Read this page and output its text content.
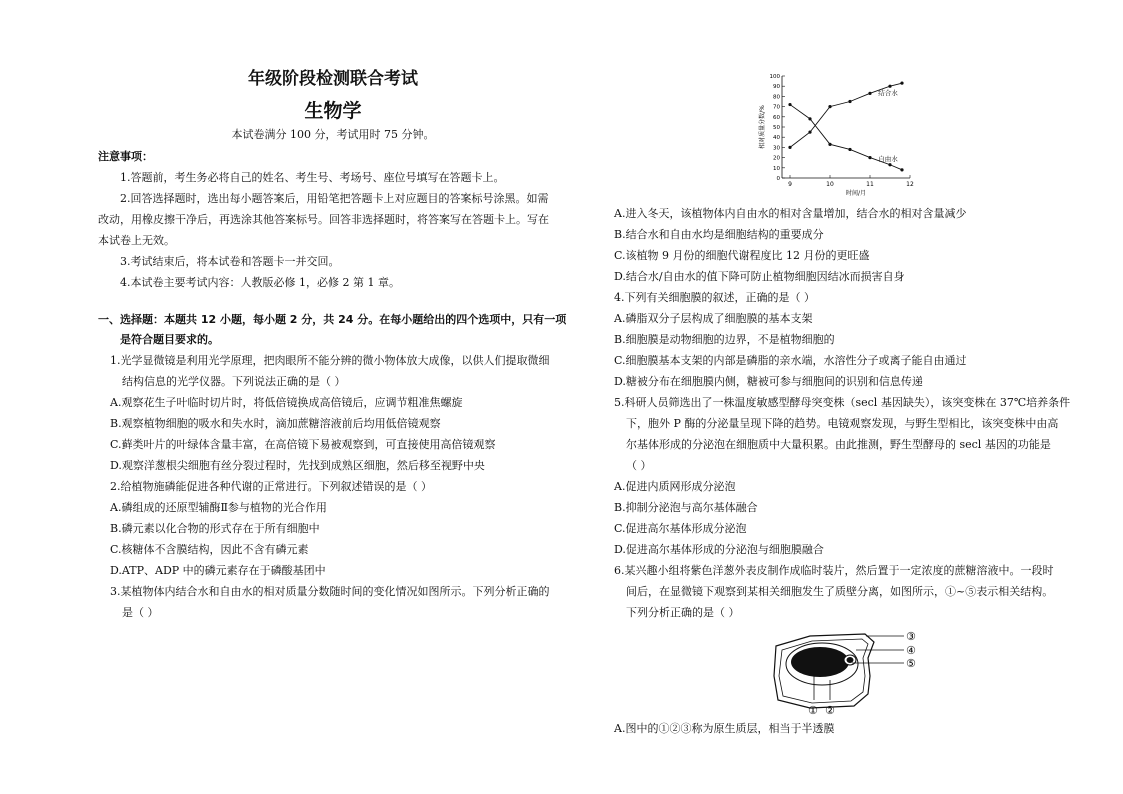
年级阶段检测联合考试
生物学
本试卷满分 100 分，考试用时 75 分钟。
注意事项：
1.答题前，考生务必将自己的姓名、考生号、考场号、座位号填写在答题卡上。
2.回答选择题时，选出每小题答案后，用铅笔把答题卡上对应题目的答案标号涂黑。如需
改动，用橡皮擦干净后，再选涂其他答案标号。回答非选择题时，将答案写在答题卡上。写在
本试卷上无效。
3.考试结束后，将本试卷和答题卡一并交回。
4.本试卷主要考试内容：人教版必修 1，必修 2 第 1 章。
一、选择题：本题共 12 小题，每小题 2 分，共 24 分。在每小题给出的四个选项中，只有一项
是符合题目要求的。
1.光学显微镜是利用光学原理，把肉眼所不能分辨的微小物体放大成像，以供人们提取微细
结构信息的光学仪器。下列说法正确的是（ ）
A.观察花生子叶临时切片时，将低倍镜换成高倍镜后，应调节粗准焦螺旋
B.观察植物细胞的吸水和失水时，滴加蔗糖溶液前后均用低倍镜观察
C.藓类叶片的叶绿体含量丰富，在高倍镜下易被观察到，可直接使用高倍镜观察
D.观察洋葱根尖细胞有丝分裂过程时，先找到成熟区细胞，然后移至视野中央
2.给植物施磷能促进各种代谢的正常进行。下列叙述错误的是（ ）
A.磷组成的还原型辅酶Ⅱ参与植物的光合作用
B.磷元素以化合物的形式存在于所有细胞中
C.核糖体不含膜结构，因此不含有磷元素
D.ATP、ADP 中的磷元素存在于磷酸基团中
3.某植物体内结合水和自由水的相对质量分数随时间的变化情况如图所示。下列分析正确的
是（ ）
0
10
20
30
40
50
60
70
80
90
100
9	10	11	12
时间/月
相对质量分数/%
结合水
自由水
A.进入冬天，该植物体内自由水的相对含量增加，结合水的相对含量减少
B.结合水和自由水均是细胞结构的重要成分
C.该植物 9 月份的细胞代谢程度比 12 月份的更旺盛
D.结合水/自由水的值下降可防止植物细胞因结冰而损害自身
4.下列有关细胞膜的叙述，正确的是（ ）
A.磷脂双分子层构成了细胞膜的基本支架
B.细胞膜是动物细胞的边界，不是植物细胞的
C.细胞膜基本支架的内部是磷脂的亲水端，水溶性分子或离子能自由通过
D.糖被分布在细胞膜内侧，糖被可参与细胞间的识别和信息传递
5.科研人员筛选出了一株温度敏感型酵母突变株（secl 基因缺失），该突变株在 37℃培养条件
下，胞外 P 酶的分泌量呈现下降的趋势。电镜观察发现，与野生型相比，该突变株中由高
尔基体形成的分泌泡在细胞质中大量积累。由此推测，野生型酵母的 secl 基因的功能是
（ ）
A.促进内质网形成分泌泡
B.抑制分泌泡与高尔基体融合
C.促进高尔基体形成分泌泡
D.促进高尔基体形成的分泌泡与细胞膜融合
6.某兴趣小组将紫色洋葱外表皮制作成临时装片，然后置于一定浓度的蔗糖溶液中。一段时
间后，在显微镜下观察到某相关细胞发生了质壁分离，如图所示，①~⑤表示相关结构。
下列分析正确的是（ ）
A.图中的①②③称为原生质层，相当于半透膜
③
④
⑤
① ②
